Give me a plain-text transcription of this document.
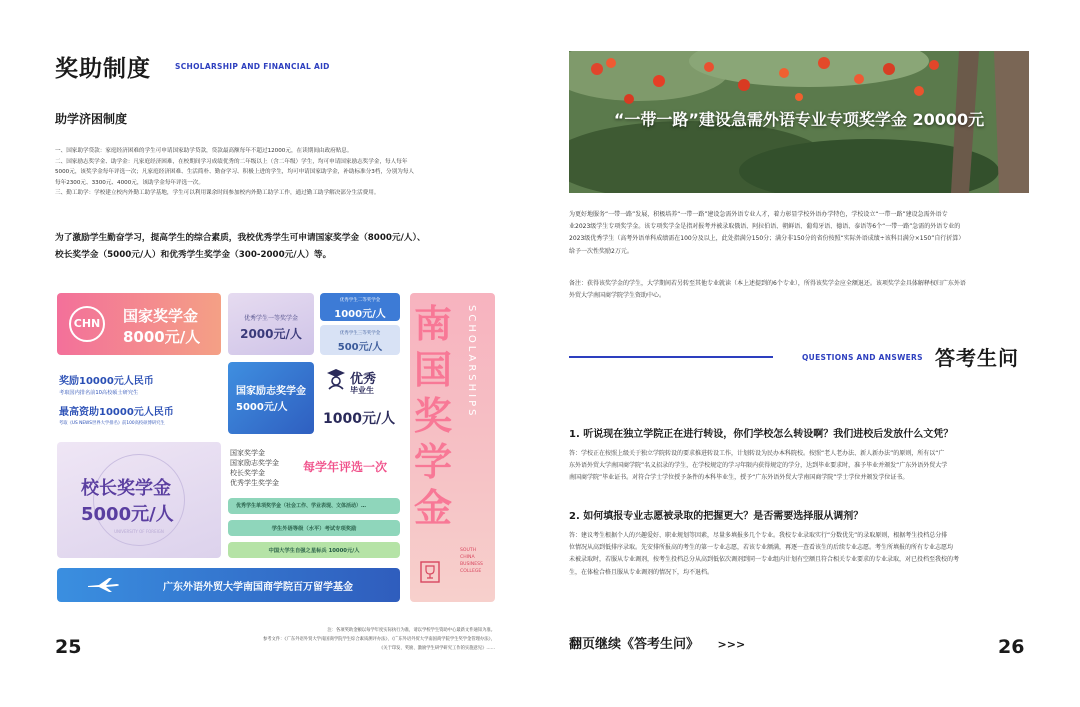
奖助制度	SCHOLARSHIP AND FINANCIAL AID
助学济困制度
一、国家助学贷款：家庭经济困难的学生可申请国家助学贷款，贷款最高额每年不超过12000元，在读期间由政府贴息。
二、国家励志奖学金、助学金：凡家庭经济困难，在校期间学习成绩优秀的二年级以上（含二年级）学生，均可申请国家励志奖学金，每人每年
5000元，该奖学金每年评选一次；凡家庭经济困难、生活简朴、勤奋学习、积极上进的学生，均可申请国家助学金，补助标准分3档，分别为每人
每年2300元、3300元、4000元，该助学金每年评选一次。
三、勤工助学：学校建立校内外勤工助学基地，学生可以利用课余时间参加校内外勤工助学工作，通过勤工助学解决部分生活费用。
为了激励学生勤奋学习，提高学生的综合素质，我校优秀学生可申请国家奖学金（8000元/人）、
校长奖学金（5000元/人）和优秀学生奖学金（300-2000元/人）等。
CHN	国家奖学金
8000元/人
优秀学生一等奖学金
2000元/人
优秀学生二等奖学金
1000元/人
优秀学生三等奖学金
500元/人
奖励10000元人民币
考取国内排名前10高校硕士研究生
最高资助10000元人民币
考取《US NEWS世界大学排名》前100高校硕博研究生
国家励志奖学金
5000元/人
优秀
毕业生
1000元/人
UNIVERSITY OF FOREIGN
校长奖学金
5000元/人
国家奖学金
国家励志奖学金
校长奖学金
优秀学生奖学金
每学年评选一次
优秀学生单项奖学金（社会工作、学业表现、文体活动）…
学生外语等级（水平）考试专项奖励
中国大学生自强之星标兵 10000元/人
广东外语外贸大学南国商学院百万留学基金
南国奖学金
SCHOLARSHIPS
SOUTH
CHINA
BUSINESS
COLLEGE
25
注：各项奖助金额以每学年度实际执行为准，请以学校学生资助中心最新文件通知为准。
参考文件：《广东外语外贸大学南国商学院学生综合素质测评办法》、《广东外语外贸大学南国商学院学生奖学金管理办法》，
《关于印发、奖励、激励学生研学研究工作的实施意见》……
“一带一路”建设急需外语专业专项奖学金 20000元
为更好地服务“一带一路”发展，积极培养“一带一路”建设急需外语专业人才，着力彰显学校外语办学特色，学校设立“一带一路”建设急需外语专
业2023级学生专项奖学金。该专项奖学金是指对报考并被录取俄语、阿拉伯语、朝鲜语、葡萄牙语、德语、泰语等6个“一带一路”急需的外语专业的
2023级优秀学生（高考外语单科成绩需在100分及以上，此处指满分150分；满分非150分的省份按照“实际外语成绩÷该科目满分×150”自行折算）
给予一次性奖励2万元。
备注：获得该奖学金的学生，大学期间若另转至其他专业就读（本上述提到的6个专业），所得该奖学金应全额退还。该项奖学金具体解释权归广东外语
外贸大学南国商学院学生资助中心。
QUESTIONS AND ANSWERS 答考生问
1. 听说现在独立学院正在进行转设，你们学校怎么转设啊？我们进校后发放什么文凭？
答：学校正在按照上级关于独立学院转设的要求推进转设工作，计划转设为民办本科院校。按照“老人老办法、新人新办法”的原则，所有以“广
东外语外贸大学南国商学院”名义招录的学生，在学校规定的学习年限内获得规定的学分，达到毕业要求时，准予毕业并颁发“广东外语外贸大学
南国商学院”毕业证书。对符合学士学位授予条件的本科毕业生，授予“广东外语外贸大学南国商学院”学士学位并颁发学位证书。
2. 如何填报专业志愿被录取的把握更大？是否需要选择服从调剂？
答：建议考生根据个人的兴趣爱好、职业规划等因素，尽量多填报多几个专业。我校专业录取实行“分数优先”的录取原则，根据考生投档总分排
位情况从高到低排序录取。先安排所报高的考生的第一专业志愿，若该专业额满，再逐一查看该生的后续专业志愿。考生所填报的所有专业志愿均
未被录取时，若服从专业调剂，按考生投档总分从高到低依次调剂到同一专业组内计划有空额且符合相关专业要求的专业录取，对已投档至我校的考
生，在体检合格且服从专业调剂的情况下，均不退档。
翻页继续《答考生问》 >>>	26
